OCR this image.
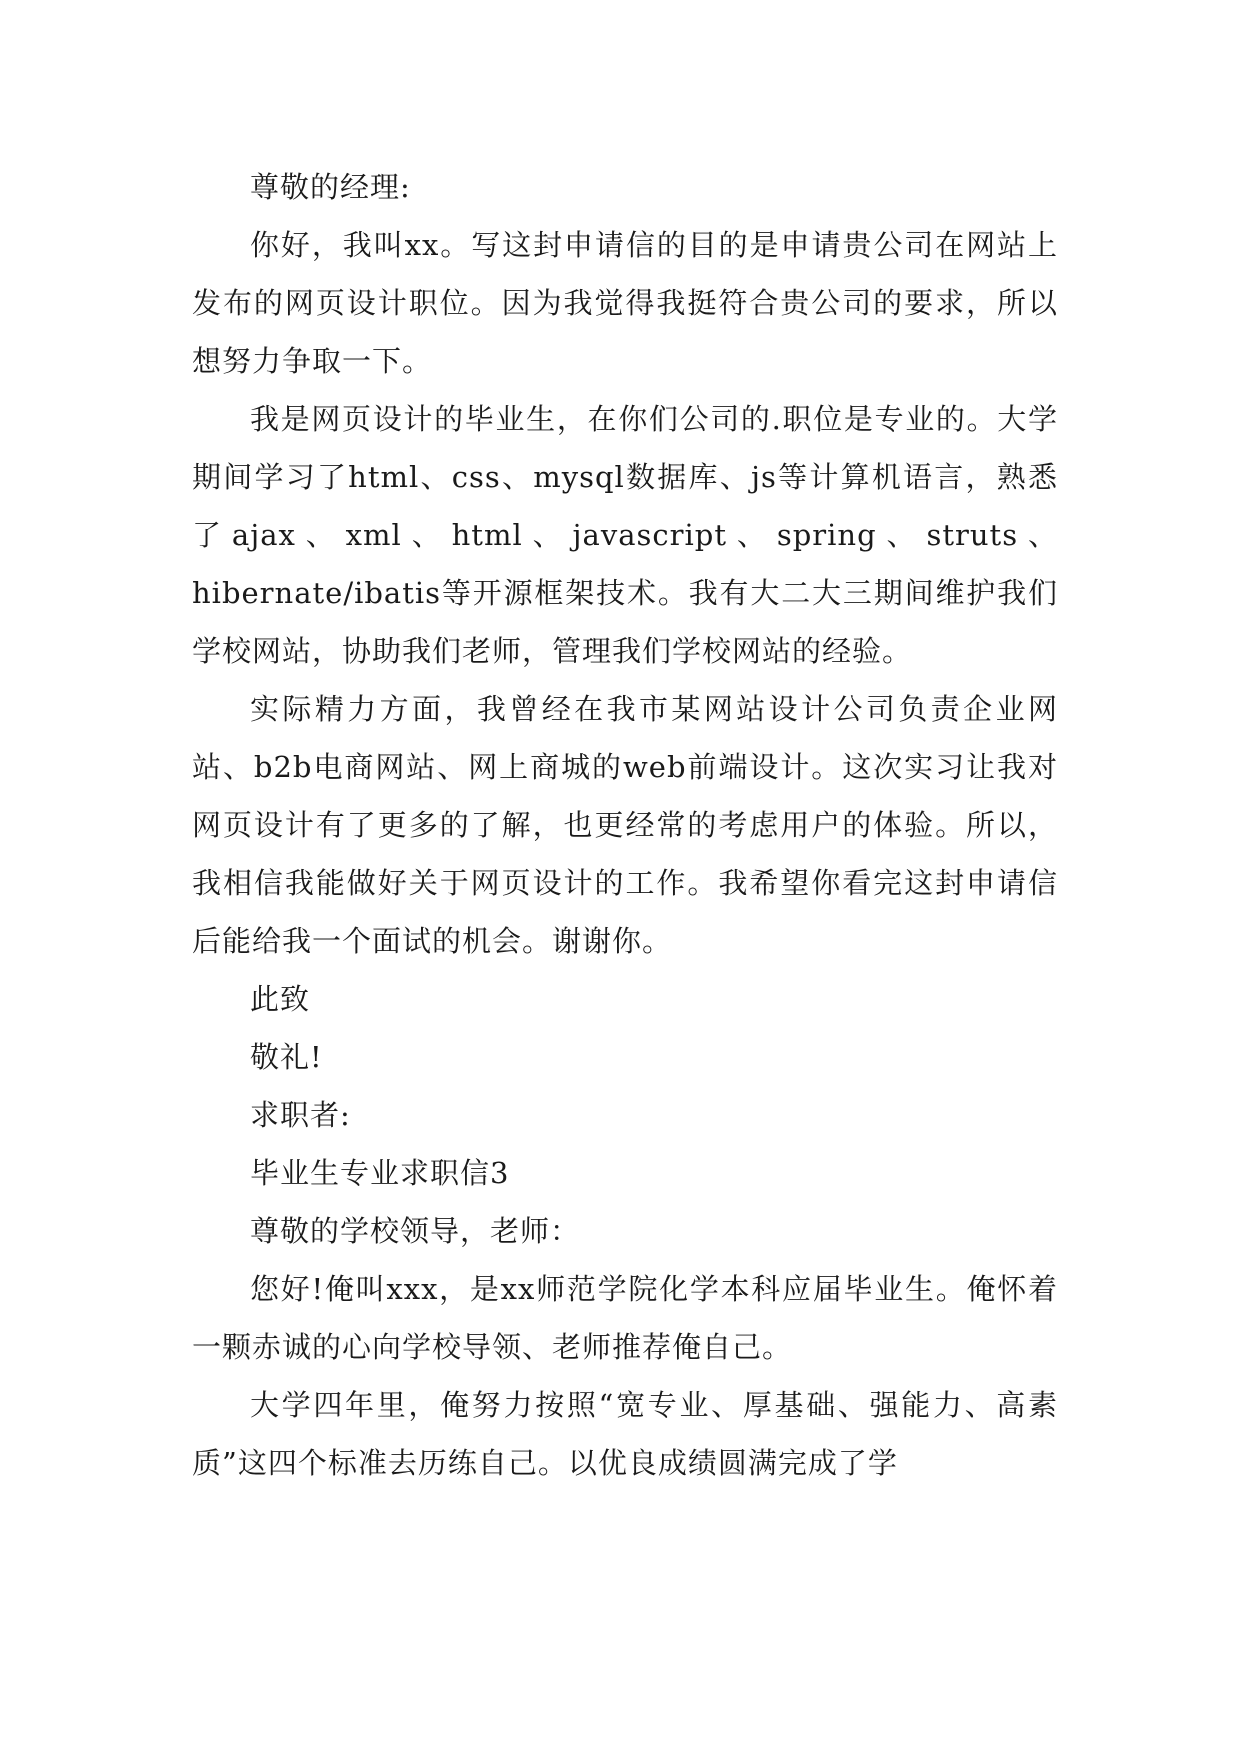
尊敬的经理:

你好，我叫xx。写这封申请信的目的是申请贵公司在网站上发布的网页设计职位。因为我觉得我挺符合贵公司的要求，所以想努力争取一下。

我是网页设计的毕业生，在你们公司的.职位是专业的。大学期间学习了html、css、mysql数据库、js等计算机语言，熟悉了ajax、xml、html、javascript、spring、struts、hibernate/ibatis等开源框架技术。我有大二大三期间维护我们学校网站，协助我们老师，管理我们学校网站的经验。

实际精力方面，我曾经在我市某网站设计公司负责企业网站、b2b电商网站、网上商城的web前端设计。这次实习让我对网页设计有了更多的了解，也更经常的考虑用户的体验。所以，我相信我能做好关于网页设计的工作。我希望你看完这封申请信后能给我一个面试的机会。谢谢你。

此致

敬礼!

求职者:

毕业生专业求职信3

尊敬的学校领导，老师：

您好!俺叫xxx，是xx师范学院化学本科应届毕业生。俺怀着一颗赤诚的心向学校导领、老师推荐俺自己。

大学四年里，俺努力按照“宽专业、厚基础、强能力、高素质”这四个标准去历练自己。以优良成绩圆满完成了学
